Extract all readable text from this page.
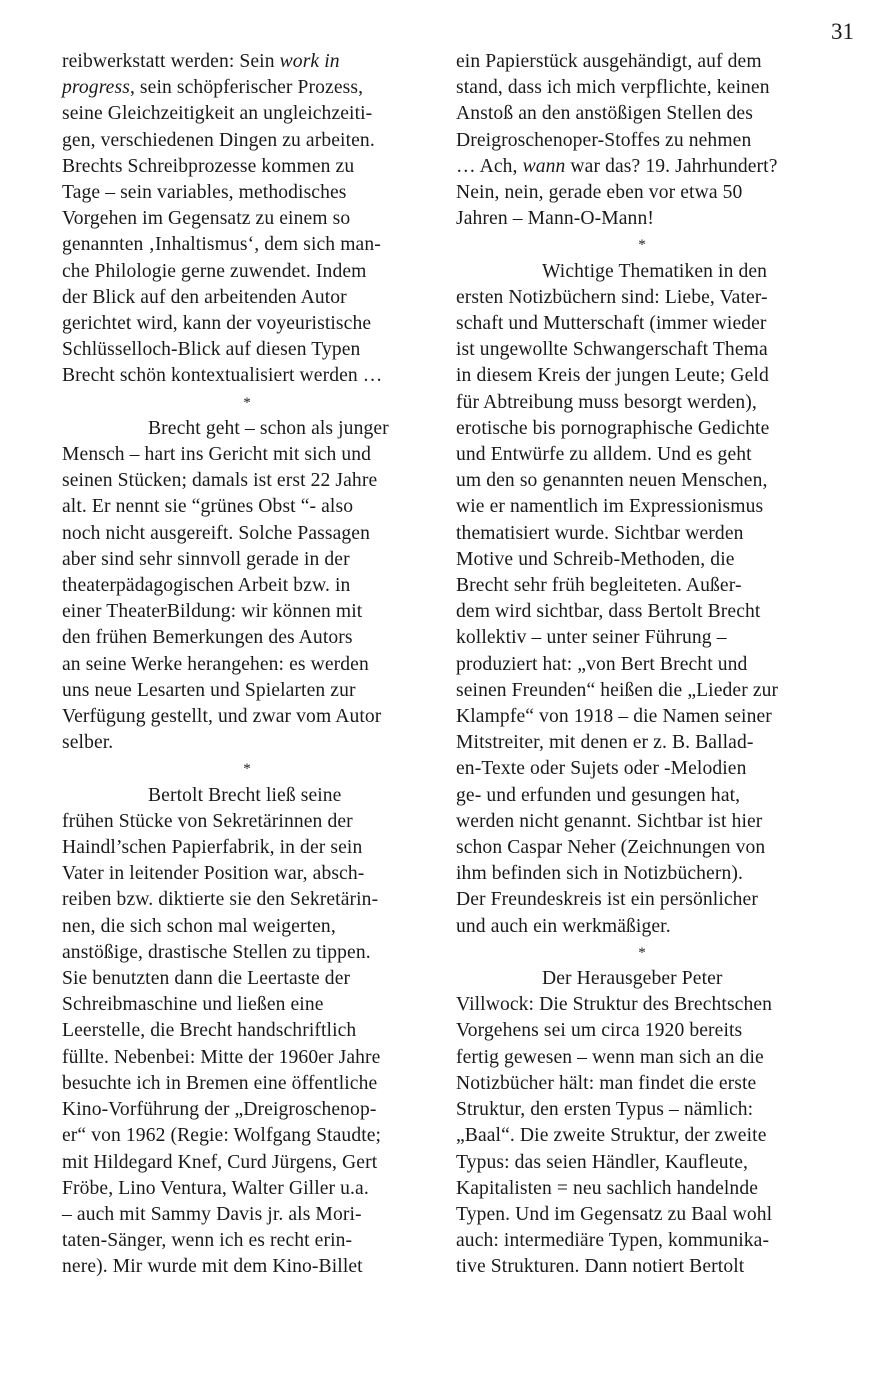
31
reibwerkstatt werden: Sein work in
progress, sein schöpferischer Prozess,
seine Gleichzeitigkeit an ungleichzeiti-
gen, verschiedenen Dingen zu arbeiten.
Brechts Schreibprozesse kommen zu
Tage – sein variables, methodisches
Vorgehen im Gegensatz zu einem so
genannten ‚Inhaltismus‘, dem sich man-
che Philologie gerne zuwendet. Indem
der Blick auf den arbeitenden Autor
gerichtet wird, kann der voyeuristische
Schlüsselloch-Blick auf diesen Typen
Brecht schön kontextualisiert werden …
*
Brecht geht – schon als junger
Mensch – hart ins Gericht mit sich und
seinen Stücken; damals ist erst 22 Jahre
alt. Er nennt sie “grünes Obst “- also
noch nicht ausgereift. Solche Passagen
aber sind sehr sinnvoll gerade in der
theaterpädagogischen Arbeit bzw. in
einer TheaterBildung: wir können mit
den frühen Bemerkungen des Autors
an seine Werke herangehen: es werden
uns neue Lesarten und Spielarten zur
Verfügung gestellt, und zwar vom Autor
selber.
*
Bertolt Brecht ließ seine
frühen Stücke von Sekretärinnen der
Haindl’schen Papierfabrik, in der sein
Vater in leitender Position war, absch-
reiben bzw. diktierte sie den Sekretärin-
nen, die sich schon mal weigerten,
anstößige, drastische Stellen zu tippen.
Sie benutzten dann die Leertaste der
Schreibmaschine und ließen eine
Leerstelle, die Brecht handschriftlich
füllte. Nebenbei: Mitte der 1960er Jahre
besuchte ich in Bremen eine öffentliche
Kino-Vorführung der „Dreigroschenop-
er“ von 1962 (Regie: Wolfgang Staudte;
mit Hildegard Knef, Curd Jürgens, Gert
Fröbe, Lino Ventura, Walter Giller u.a.
– auch mit Sammy Davis jr. als Mori-
taten-Sänger, wenn ich es recht erin-
nere). Mir wurde mit dem Kino-Billet
ein Papierstück ausgehändigt, auf dem
stand, dass ich mich verpflichte, keinen
Anstoß an den anstößigen Stellen des
Dreigroschenoper-Stoffes zu nehmen
… Ach, wann war das? 19. Jahrhundert?
Nein, nein, gerade eben vor etwa 50
Jahren – Mann-O-Mann!
*
Wichtige Thematiken in den
ersten Notizbüchern sind: Liebe, Vater-
schaft und Mutterschaft (immer wieder
ist ungewollte Schwangerschaft Thema
in diesem Kreis der jungen Leute; Geld
für Abtreibung muss besorgt werden),
erotische bis pornographische Gedichte
und Entwürfe zu alldem. Und es geht
um den so genannten neuen Menschen,
wie er namentlich im Expressionismus
thematisiert wurde. Sichtbar werden
Motive und Schreib-Methoden, die
Brecht sehr früh begleiteten. Außer-
dem wird sichtbar, dass Bertolt Brecht
kollektiv – unter seiner Führung –
produziert hat: „von Bert Brecht und
seinen Freunden“ heißen die „Lieder zur
Klampfe“ von 1918 – die Namen seiner
Mitstreiter, mit denen er z. B. Ballad-
en-Texte oder Sujets oder -Melodien
ge- und erfunden und gesungen hat,
werden nicht genannt. Sichtbar ist hier
schon Caspar Neher (Zeichnungen von
ihm befinden sich in Notizbüchern).
Der Freundeskreis ist ein persönlicher
und auch ein werkmäßiger.
*
Der Herausgeber Peter
Villwock: Die Struktur des Brechtschen
Vorgehens sei um circa 1920 bereits
fertig gewesen – wenn man sich an die
Notizbücher hält: man findet die erste
Struktur, den ersten Typus – nämlich:
„Baal“. Die zweite Struktur, der zweite
Typus: das seien Händler, Kaufleute,
Kapitalisten = neu sachlich handelnde
Typen. Und im Gegensatz zu Baal wohl
auch: intermediäre Typen, kommunika-
tive Strukturen. Dann notiert Bertolt
